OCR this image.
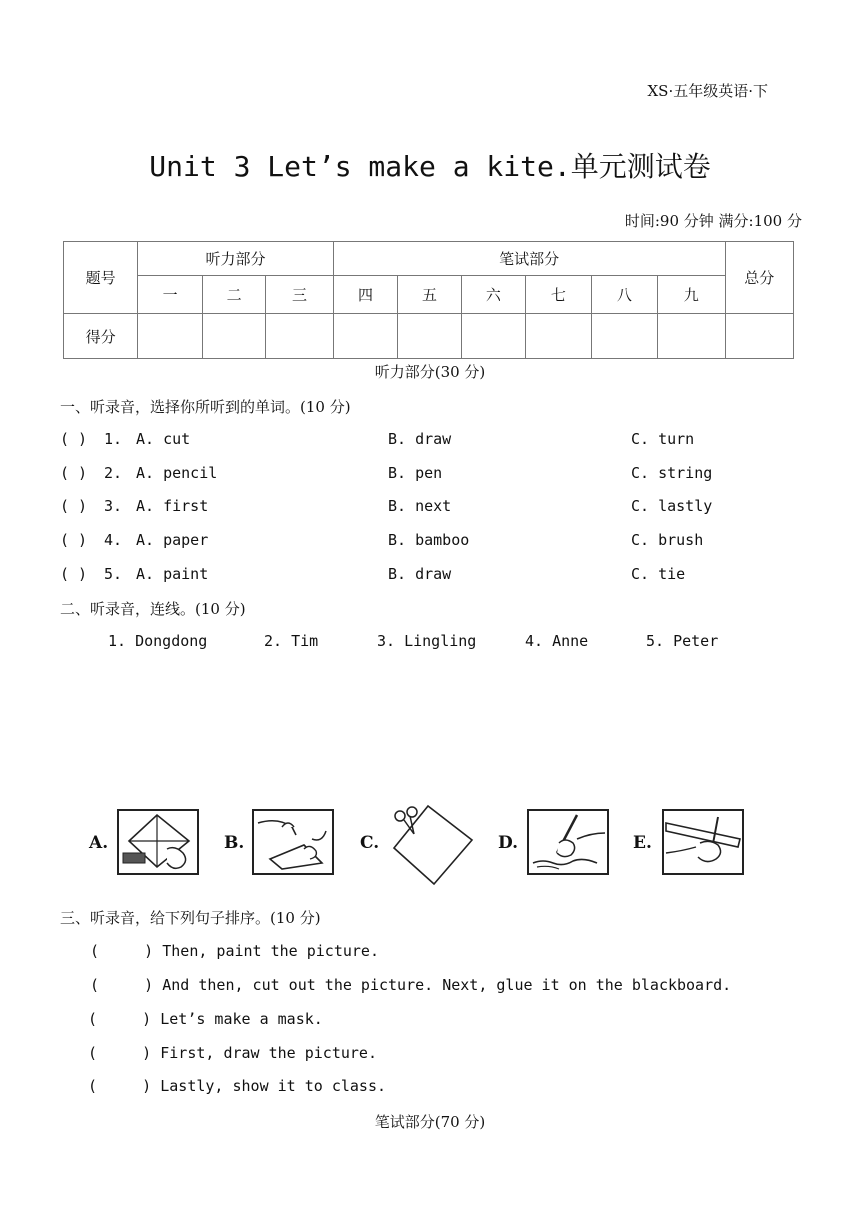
XS·五年级英语·下
Unit 3 Let’s make a kite.单元测试卷
时间:90 分钟 满分:100 分
题号	听力部分			笔试部分						总分
	一	二	三	四	五	六	七	八	九	
得分										
听力部分(30 分)
一、听录音，选择你所听到的单词。(10 分)
( ) 1. A. cut	B. draw	C. turn
( ) 2. A. pencil	B. pen	C. string
( ) 3. A. first	B. next	C. lastly
( ) 4. A. paper	B. bamboo	C. brush
( ) 5. A. paint	B. draw	C. tie
二、听录音，连线。(10 分)
1. Dongdong	2. Tim	3. Lingling	4. Anne	5. Peter
A.	B.	C.	D.	E.
三、听录音，给下列句子排序。(10 分)
(     ) Then, paint the picture.
(     ) And then, cut out the picture. Next, glue it on the blackboard.
(     ) Let’s make a mask.
(     ) First, draw the picture.
(     ) Lastly, show it to class.
笔试部分(70 分)
